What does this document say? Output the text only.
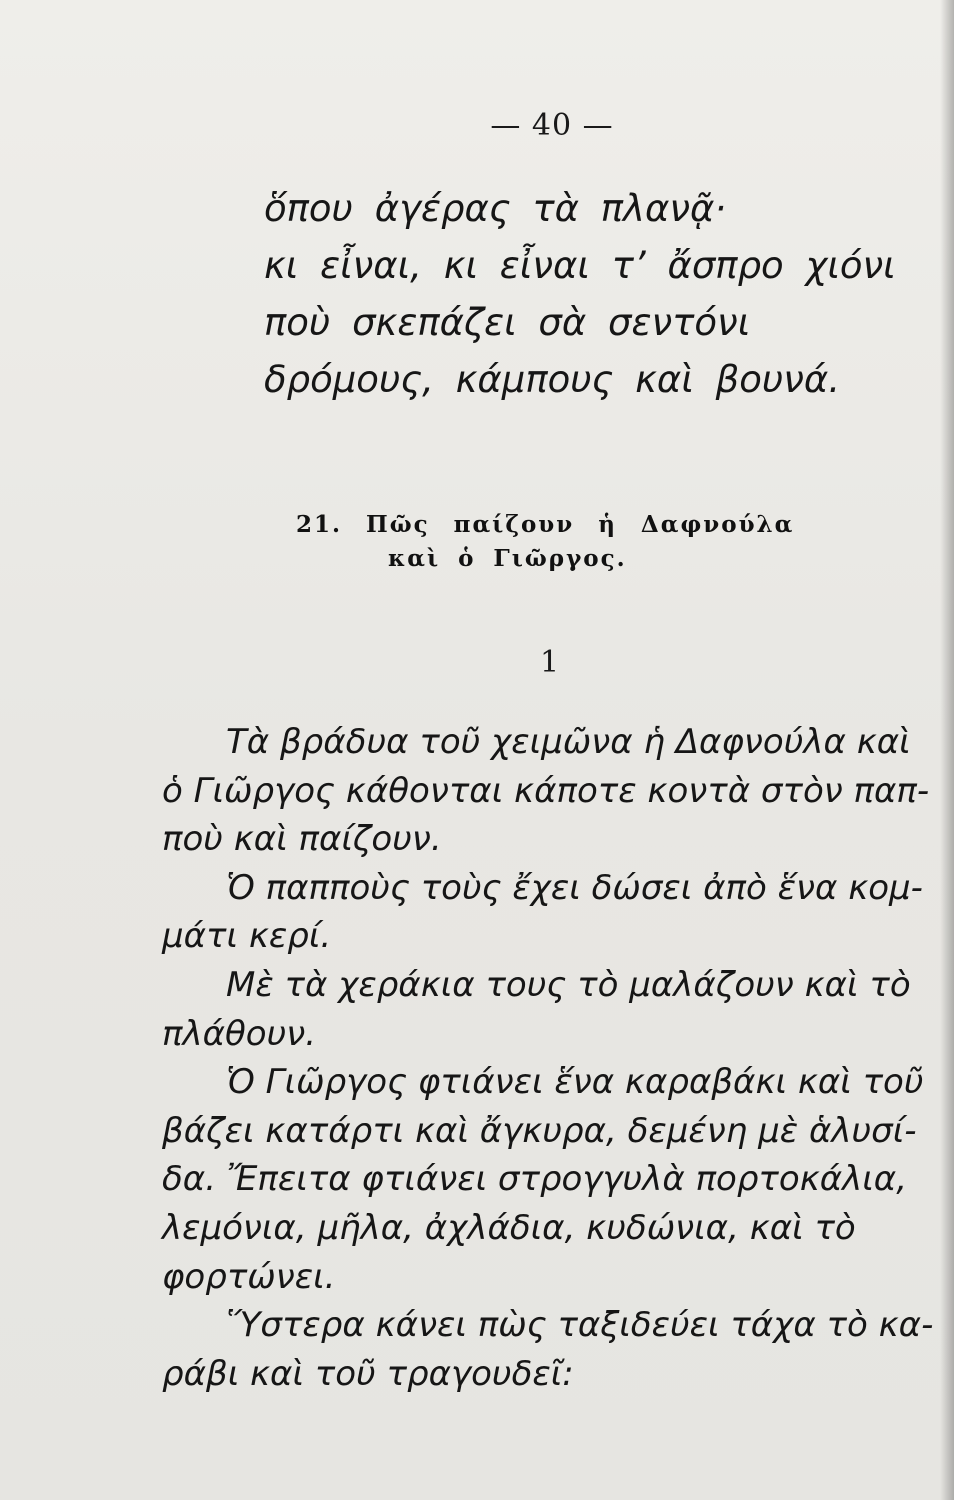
— 40 —
ὅπου ἀγέρας τὰ πλανᾷ·
κι εἶναι, κι εἶναι τ’ ἄσπρο χιόνι
ποὺ σκεπάζει σὰ σεντόνι
δρόμους, κάμπους καὶ βουνά.
21. Πῶς παίζουν ἡ Δαφνούλα
καὶ ὁ Γιῶργος.
1
Τὰ βράδυα τοῦ χειμῶνα ἡ Δαφνούλα καὶ
ὁ Γιῶργος κάθονται κάποτε κοντὰ στὸν παπ-
ποὺ καὶ παίζουν.
Ὁ παπποὺς τοὺς ἔχει δώσει ἀπὸ ἕνα κομ-
μάτι κερί.
Μὲ τὰ χεράκια τους τὸ μαλάζουν καὶ τὸ
πλάθουν.
Ὁ Γιῶργος φτιάνει ἕνα καραβάκι καὶ τοῦ
βάζει κατάρτι καὶ ἄγκυρα, δεμένη μὲ ἁλυσί-
δα. Ἔπειτα φτιάνει στρογγυλὰ πορτοκάλια,
λεμόνια, μῆλα, ἀχλάδια, κυδώνια, καὶ τὸ
φορτώνει.
Ὕστερα κάνει πὼς ταξιδεύει τάχα τὸ κα-
ράβι καὶ τοῦ τραγουδεῖ:
